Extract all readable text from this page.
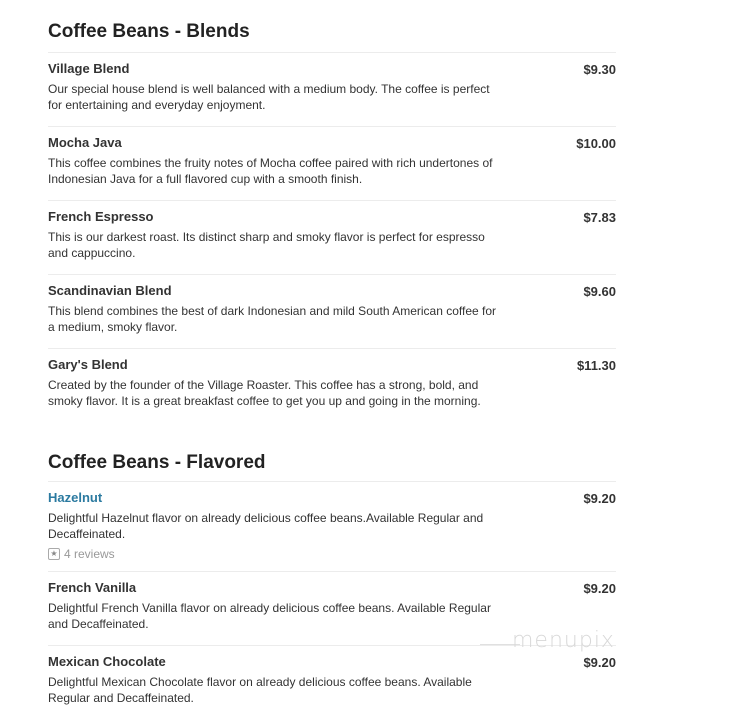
Coffee Beans - Blends
Village Blend	$9.30
Our special house blend is well balanced with a medium body. The coffee is perfect for entertaining and everyday enjoyment.
Mocha Java	$10.00
This coffee combines the fruity notes of Mocha coffee paired with rich undertones of Indonesian Java for a full flavored cup with a smooth finish.
French Espresso	$7.83
This is our darkest roast. Its distinct sharp and smoky flavor is perfect for espresso and cappuccino.
Scandinavian Blend	$9.60
This blend combines the best of dark Indonesian and mild South American coffee for a medium, smoky flavor.
Gary's Blend	$11.30
Created by the founder of the Village Roaster. This coffee has a strong, bold, and smoky flavor. It is a great breakfast coffee to get you up and going in the morning.
Coffee Beans - Flavored
Hazelnut	$9.20
Delightful Hazelnut flavor on already delicious coffee beans.Available Regular and Decaffeinated.
★ 4 reviews
French Vanilla	$9.20
Delightful French Vanilla flavor on already delicious coffee beans. Available Regular and Decaffeinated.
Mexican Chocolate	$9.20
Delightful Mexican Chocolate flavor on already delicious coffee beans. Available Regular and Decaffeinated.
menupix
